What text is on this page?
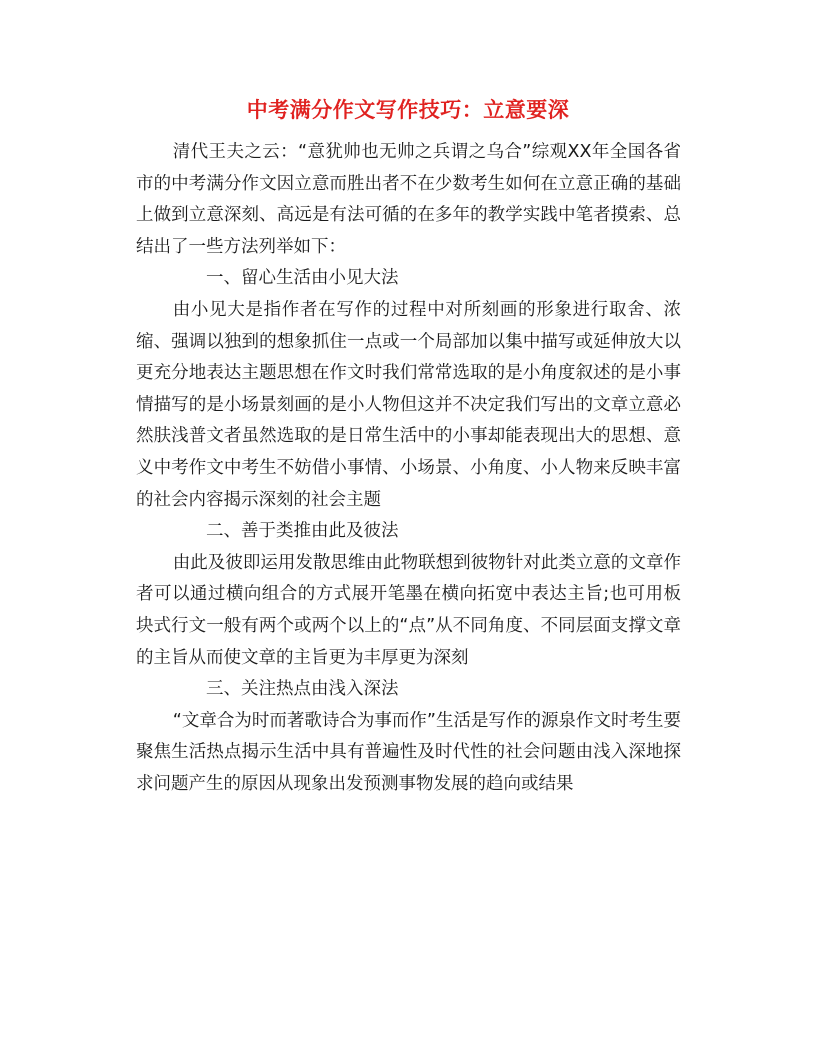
中考满分作文写作技巧：立意要深

清代王夫之云：“意犹帅也无帅之兵谓之乌合”综观XX年全国各省市的中考满分作文因立意而胜出者不在少数考生如何在立意正确的基础上做到立意深刻、高远是有法可循的在多年的教学实践中笔者摸索、总结出了一些方法列举如下：

一、留心生活由小见大法

由小见大是指作者在写作的过程中对所刻画的形象进行取舍、浓缩、强调以独到的想象抓住一点或一个局部加以集中描写或延伸放大以更充分地表达主题思想在作文时我们常常选取的是小角度叙述的是小事情描写的是小场景刻画的是小人物但这并不决定我们写出的文章立意必然肤浅普文者虽然选取的是日常生活中的小事却能表现出大的思想、意义中考作文中考生不妨借小事情、小场景、小角度、小人物来反映丰富的社会内容揭示深刻的社会主题

二、善于类推由此及彼法

由此及彼即运用发散思维由此物联想到彼物针对此类立意的文章作者可以通过横向组合的方式展开笔墨在横向拓宽中表达主旨;也可用板块式行文一般有两个或两个以上的“点”从不同角度、不同层面支撑文章的主旨从而使文章的主旨更为丰厚更为深刻

三、关注热点由浅入深法

“文章合为时而著歌诗合为事而作”生活是写作的源泉作文时考生要聚焦生活热点揭示生活中具有普遍性及时代性的社会问题由浅入深地探求问题产生的原因从现象出发预测事物发展的趋向或结果
